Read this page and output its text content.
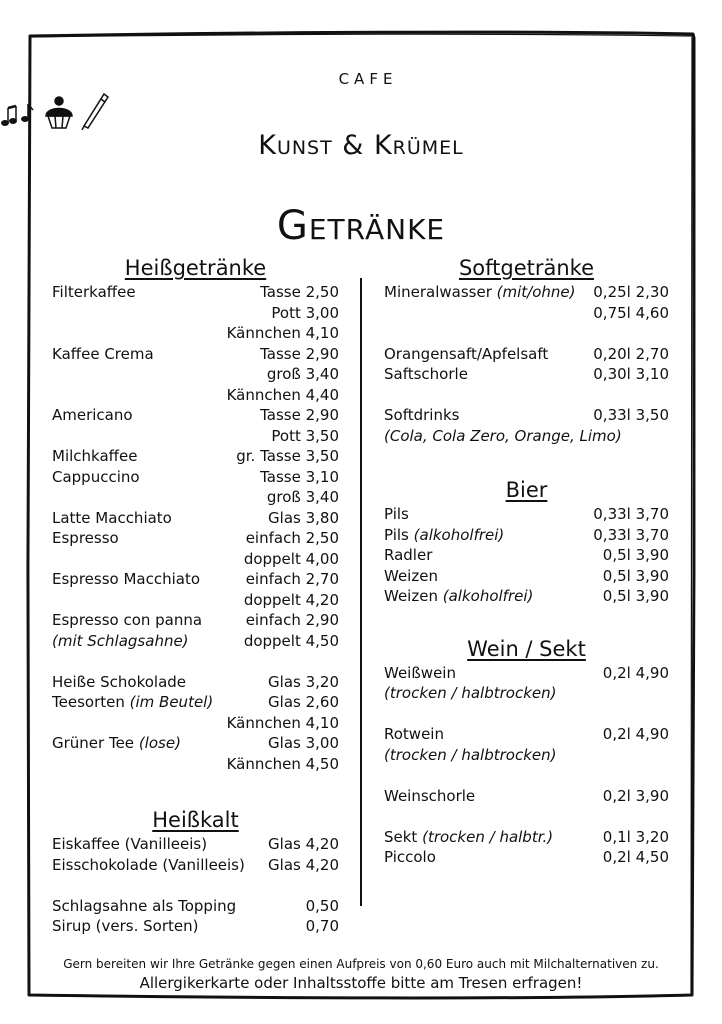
CAFE
Kunst & Krümel
Getränke
Heißgetränke
Filterkaffee	Tasse 2,50
Pott 3,00
Kännchen 4,10
Kaffee Crema	Tasse 2,90
groß 3,40
Kännchen 4,40
Americano	Tasse 2,90
Pott 3,50
Milchkaffee	gr. Tasse 3,50
Cappuccino	Tasse 3,10
groß 3,40
Latte Macchiato	Glas 3,80
Espresso	einfach 2,50
doppelt 4,00
Espresso Macchiato	einfach 2,70
doppelt 4,20
Espresso con panna	einfach 2,90
(mit Schlagsahne)	doppelt 4,50
Heiße Schokolade	Glas 3,20
Teesorten (im Beutel)	Glas 2,60
Kännchen 4,10
Grüner Tee (lose)	Glas 3,00
Kännchen 4,50
Heißkalt
Eiskaffee (Vanilleeis)	Glas 4,20
Eisschokolade (Vanilleeis) Glas 4,20
Schlagsahne als Topping	0,50
Sirup (vers. Sorten)	0,70
Softgetränke
Mineralwasser (mit/ohne) 0,25l 2,30
0,75l 4,60
Orangensaft/Apfelsaft	0,20l 2,70
Saftschorle	0,30l 3,10
Softdrinks	0,33l 3,50
(Cola, Cola Zero, Orange, Limo)
Bier
Pils	0,33l 3,70
Pils (alkoholfrei)	0,33l 3,70
Radler	0,5l 3,90
Weizen	0,5l 3,90
Weizen (alkoholfrei)	0,5l 3,90
Wein / Sekt
Weißwein	0,2l 4,90
(trocken / halbtrocken)
Rotwein	0,2l 4,90
(trocken / halbtrocken)
Weinschorle	0,2l 3,90
Sekt (trocken / halbtr.)	0,1l 3,20
Piccolo	0,2l 4,50
Gern bereiten wir Ihre Getränke gegen einen Aufpreis von 0,60 Euro auch mit Milchalternativen zu.
Allergikerkarte oder Inhaltsstoffe bitte am Tresen erfragen!
